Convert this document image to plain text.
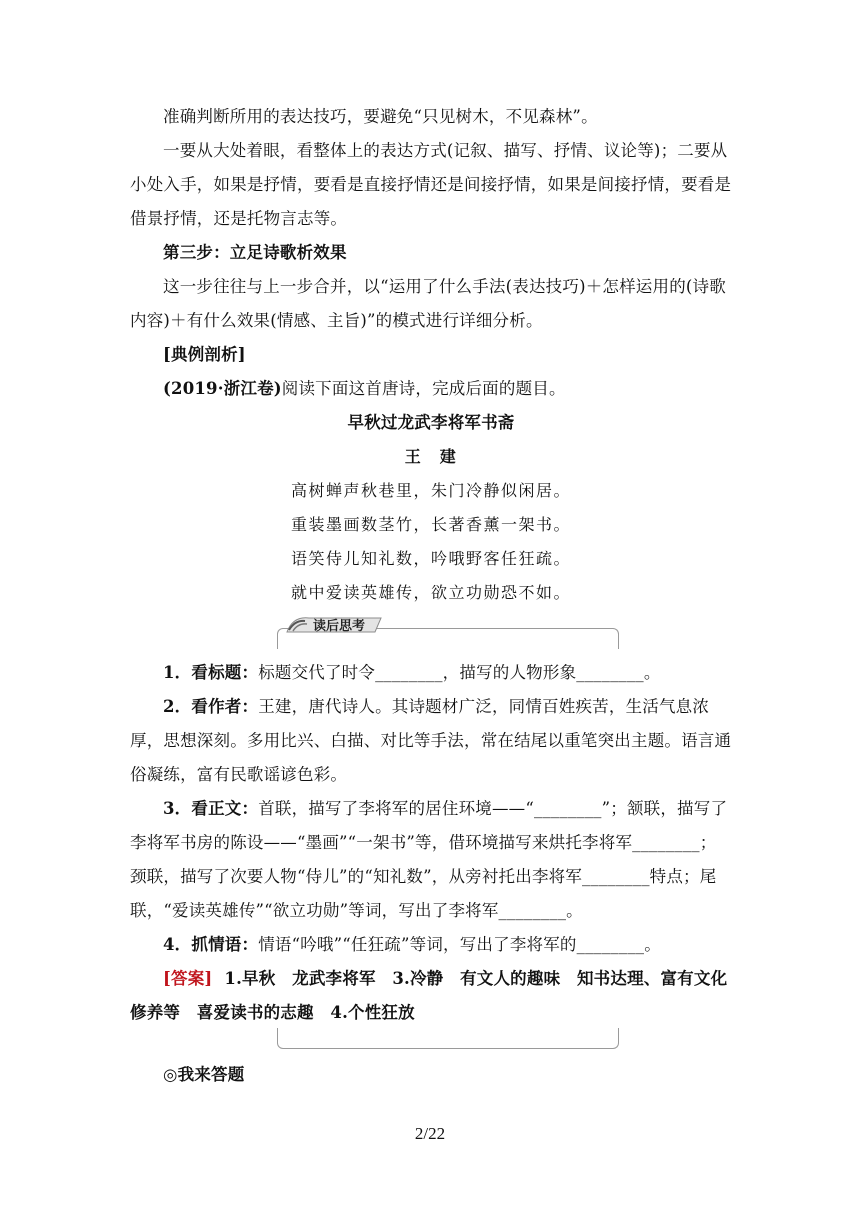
准确判断所用的表达技巧，要避免“只见树木，不见森林”。
一要从大处着眼，看整体上的表达方式(记叙、描写、抒情、议论等)；二要从小处入手，如果是抒情，要看是直接抒情还是间接抒情，如果是间接抒情，要看是借景抒情，还是托物言志等。
第三步：立足诗歌析效果
这一步往往与上一步合并，以“运用了什么手法(表达技巧)＋怎样运用的(诗歌内容)＋有什么效果(情感、主旨)”的模式进行详细分析。
[典例剖析]
(2019·浙江卷)阅读下面这首唐诗，完成后面的题目。
早秋过龙武李将军书斋
王　建
高树蝉声秋巷里，朱门冷静似闲居。
重装墨画数茎竹，长著香薰一架书。
语笑侍儿知礼数，吟哦野客任狂疏。
就中爱读英雄传，欲立功勋恐不如。
读后思考
1．看标题：标题交代了时令________，描写的人物形象________。
2．看作者：王建，唐代诗人。其诗题材广泛，同情百姓疾苦，生活气息浓厚，思想深刻。多用比兴、白描、对比等手法，常在结尾以重笔突出主题。语言通俗凝练，富有民歌谣谚色彩。
3．看正文：首联，描写了李将军的居住环境——“________”；颔联，描写了李将军书房的陈设——“墨画”“一架书”等，借环境描写来烘托李将军________；颈联，描写了次要人物“侍儿”的“知礼数”，从旁衬托出李将军________特点；尾联，“爱读英雄传”“欲立功勋”等词，写出了李将军________。
4．抓情语：情语“吟哦”“任狂疏”等词，写出了李将军的________。
[答案] 1.早秋　龙武李将军　3.冷静　有文人的趣味　知书达理、富有文化修养等　喜爱读书的志趣　4.个性狂放
◎我来答题
2/22
